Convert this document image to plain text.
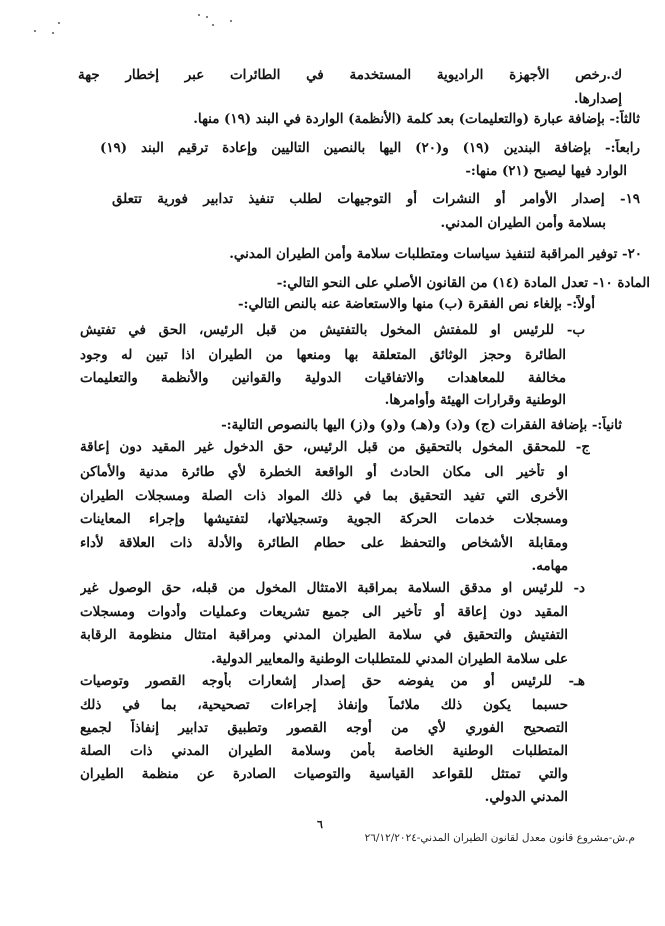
ك.رخص الأجهزة الراديوية المستخدمة في الطائرات عبر إخطار جهة
إصدارها.
ثالثاً:- بإضافة عبارة (والتعليمات) بعد كلمة (الأنظمة) الواردة في البند (١٩) منها.
رابعاً:- بإضافة البندين (١٩) و(٢٠) اليها بالنصين التاليين وإعادة ترقيم البند (١٩)
الوارد فيها ليصبح (٢١) منها:-
١٩- إصدار الأوامر أو النشرات أو التوجيهات لطلب تنفيذ تدابير فورية تتعلق
بسلامة وأمن الطيران المدني.
٢٠- توفير المراقبة لتنفيذ سياسات ومتطلبات سلامة وأمن الطيران المدني.
المادة ١٠- تعدل المادة (١٤) من القانون الأصلي على النحو التالي:-
أولاً:- بإلغاء نص الفقرة (ب) منها والاستعاضة عنه بالنص التالي:-
ب- للرئيس او للمفتش المخول بالتفتيش من قبل الرئيس، الحق في تفتيش
الطائرة وحجز الوثائق المتعلقة بها ومنعها من الطيران اذا تبين له وجود
مخالفة للمعاهدات والاتفاقيات الدولية والقوانين والأنظمة والتعليمات
الوطنية وقرارات الهيئة وأوامرها.
ثانياً:- بإضافة الفقرات (ج) و(د) و(هـ) و(و) و(ز) اليها بالنصوص التالية:-
ج- للمحقق المخول بالتحقيق من قبل الرئيس، حق الدخول غير المقيد دون إعاقة
او تأخير الى مكان الحادث أو الواقعة الخطرة لأي طائرة مدنية والأماكن
الأخرى التي تفيد التحقيق بما في ذلك المواد ذات الصلة ومسجلات الطيران
ومسجلات خدمات الحركة الجوية وتسجيلاتها، لتفتيشها وإجراء المعاينات
ومقابلة الأشخاص والتحفظ على حطام الطائرة والأدلة ذات العلاقة لأداء
مهامه.
د- للرئيس او مدقق السلامة بمراقبة الامتثال المخول من قبله، حق الوصول غير
المقيد دون إعاقة أو تأخير الى جميع تشريعات وعمليات وأدوات ومسجلات
التفتيش والتحقيق في سلامة الطيران المدني ومراقبة امتثال منظومة الرقابة
على سلامة الطيران المدني للمتطلبات الوطنية والمعايير الدولية.
هـ- للرئيس أو من يفوضه حق إصدار إشعارات بأوجه القصور وتوصيات
حسبما يكون ذلك ملائماً وإنفاذ إجراءات تصحيحية، بما في ذلك
التصحيح الفوري لأي من أوجه القصور وتطبيق تدابير إنفاذاً لجميع
المتطلبات الوطنية الخاصة بأمن وسلامة الطيران المدني ذات الصلة
والتي تمتثل للقواعد القياسية والتوصيات الصادرة عن منظمة الطيران
المدني الدولي.
٦
م.ش-مشروع قانون معدل لقانون الطيران المدني-٢٦/١٢/٢٠٢٤
